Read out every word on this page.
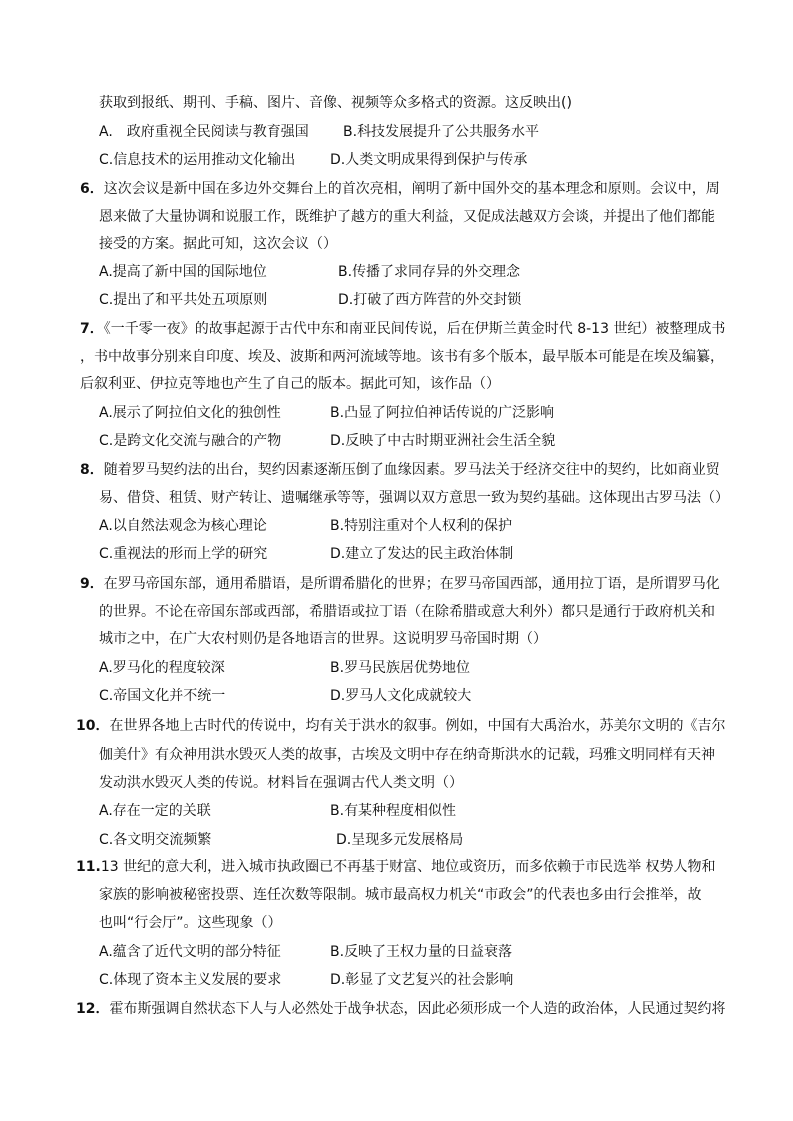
获取到报纸、期刊、手稿、图片、音像、视频等众多格式的资源。这反映出()
A.　政府重视全民阅读与教育强国 B.科技发展提升了公共服务水平
C.信息技术的运用推动文化输出 D.人类文明成果得到保护与传承
6．这次会议是新中国在多边外交舞台上的首次亮相，阐明了新中国外交的基本理念和原则。会议中，周
恩来做了大量协调和说服工作，既维护了越方的重大利益，又促成法越双方会谈，并提出了他们都能
接受的方案。据此可知，这次会议（）
A.提高了新中国的国际地位	B.传播了求同存异的外交理念
C.提出了和平共处五项原则	D.打破了西方阵营的外交封锁
7．《一千零一夜》的故事起源于古代中东和南亚民间传说，后在伊斯兰黄金时代 8-13 世纪）被整理成书
，书中故事分别来自印度、埃及、波斯和两河流域等地。该书有多个版本，最早版本可能是在埃及编纂，
后叙利亚、伊拉克等地也产生了自己的版本。据此可知，该作品（）
A.展示了阿拉伯文化的独创性	B.凸显了阿拉伯神话传说的广泛影响
C.是跨文化交流与融合的产物	D.反映了中古时期亚洲社会生活全貌
8．随着罗马契约法的出台，契约因素逐渐压倒了血缘因素。罗马法关于经济交往中的契约，比如商业贸
易、借贷、租赁、财产转让、遗嘱继承等等，强调以双方意思一致为契约基础。这体现出古罗马法（）
A.以自然法观念为核心理论	B.特别注重对个人权利的保护
C.重视法的形而上学的研究	D.建立了发达的民主政治体制
9．在罗马帝国东部，通用希腊语，是所谓希腊化的世界；在罗马帝国西部，通用拉丁语，是所谓罗马化
的世界。不论在帝国东部或西部，希腊语或拉丁语（在除希腊或意大利外）都只是通行于政府机关和
城市之中，在广大农村则仍是各地语言的世界。这说明罗马帝国时期（）
A.罗马化的程度较深	B.罗马民族居优势地位
C.帝国文化并不统一	D.罗马人文化成就较大
10．在世界各地上古时代的传说中，均有关于洪水的叙事。例如，中国有大禹治水，苏美尔文明的《吉尔
伽美什》有众神用洪水毁灭人类的故事，古埃及文明中存在纳奇斯洪水的记载，玛雅文明同样有天神
发动洪水毁灭人类的传说。材料旨在强调古代人类文明（）
A.存在一定的关联	B.有某种程度相似性
C.各文明交流频繁	D.呈现多元发展格局
11.13 世纪的意大利，进入城市执政圈已不再基于财富、地位或资历，而多依赖于市民选举 权势人物和
家族的影响被秘密投票、连任次数等限制。城市最高权力机关“市政会”的代表也多由行会推举，故
也叫“行会厅”。这些现象（）
A.蕴含了近代文明的部分特征	B.反映了王权力量的日益衰落
C.体现了资本主义发展的要求	D.彰显了文艺复兴的社会影响
12．霍布斯强调自然状态下人与人必然处于战争状态，因此必须形成一个人造的政治体，人民通过契约将
